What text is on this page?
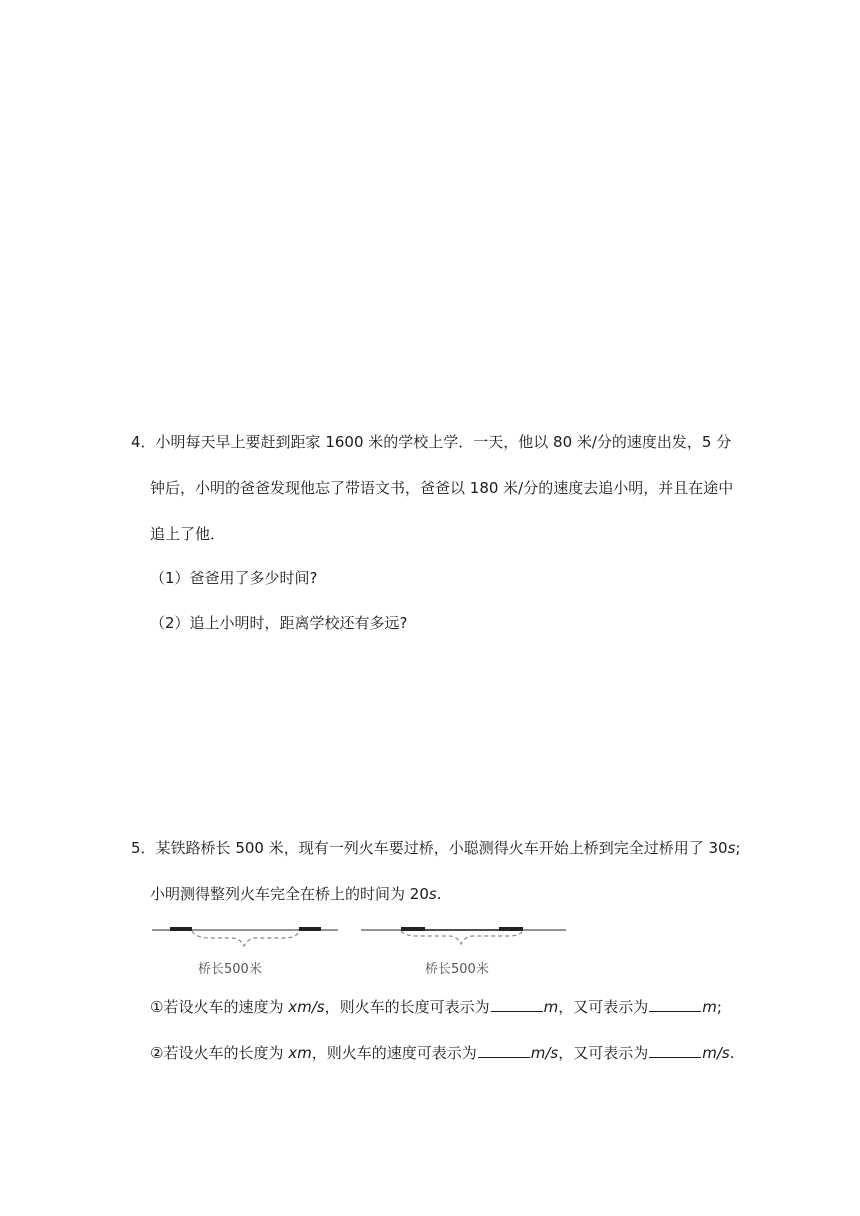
4．小明每天早上要赶到距家 1600 米的学校上学．一天，他以 80 米/分的速度出发，5 分
钟后，小明的爸爸发现他忘了带语文书，爸爸以 180 米/分的速度去追小明，并且在途中
追上了他．
（1）爸爸用了多少时间?
（2）追上小明时，距离学校还有多远?
5．某铁路桥长 500 米，现有一列火车要过桥，小聪测得火车开始上桥到完全过桥用了 30s;
小明测得整列火车完全在桥上的时间为 20s.
桥长500米	桥长500米
①若设火车的速度为 xm/s，则火车的长度可表示为	m，又可表示为	m;
②若设火车的长度为 xm，则火车的速度可表示为	m/s，又可表示为	m/s.
